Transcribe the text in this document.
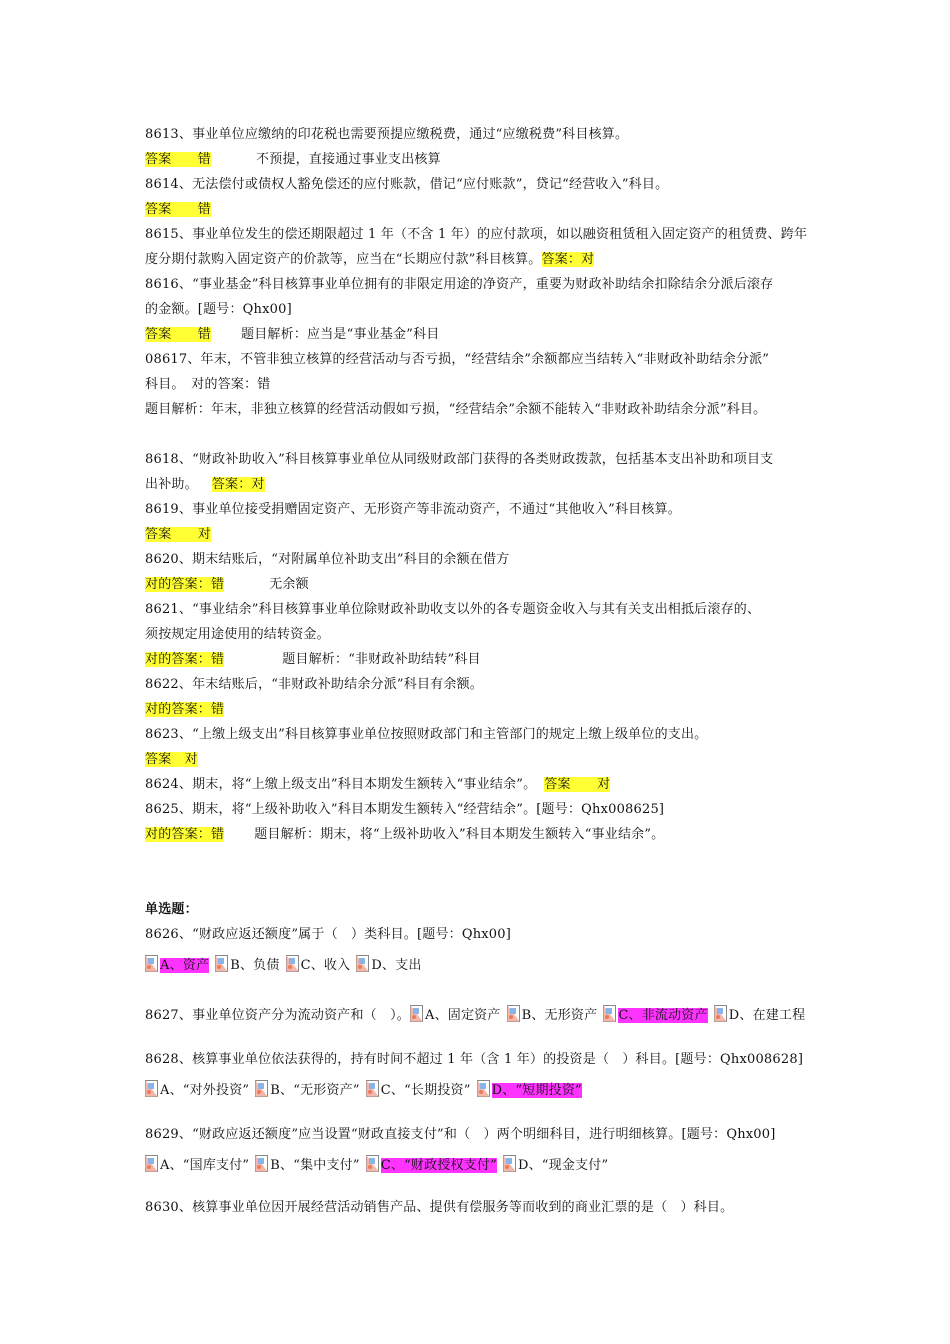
8613、事业单位应缴纳的印花税也需要预提应缴税费，通过“应缴税费”科目核算。
答案　　错	不预提，直接通过事业支出核算
8614、无法偿付或债权人豁免偿还的应付账款，借记“应付账款”，贷记“经营收入”科目。
答案　　错
8615、事业单位发生的偿还期限超过 1 年（不含 1 年）的应付款项，如以融资租赁租入固定资产的租赁费、跨年
度分期付款购入固定资产的价款等，应当在“长期应付款”科目核算。答案：对
8616、“事业基金”科目核算事业单位拥有的非限定用途的净资产，重要为财政补助结余扣除结余分派后滚存
的金额。[题号：Qhx00]
答案　　错 题目解析：应当是“事业基金”科目
08617、年末，不管非独立核算的经营活动与否亏损，“经营结余”余额都应当结转入“非财政补助结余分派”
科目。　对的答案：错
题目解析：年末，非独立核算的经营活动假如亏损，“经营结余”余额不能转入“非财政补助结余分派”科目。
8618、“财政补助收入”科目核算事业单位从同级财政部门获得的各类财政拨款，包括基本支出补助和项目支
出补助。 答案：对
8619、事业单位接受捐赠固定资产、无形资产等非流动资产，不通过“其他收入”科目核算。
答案　　对
8620、期末结账后，“对附属单位补助支出”科目的余额在借方
对的答案：错	无余额
8621、“事业结余”科目核算事业单位除财政补助收支以外的各专题资金收入与其有关支出相抵后滚存的、
须按规定用途使用的结转资金。
对的答案：错	题目解析：“非财政补助结转”科目
8622、年末结账后，“非财政补助结余分派”科目有余额。
对的答案：错
8623、“上缴上级支出”科目核算事业单位按照财政部门和主管部门的规定上缴上级单位的支出。
答案　对
8624、期末，将“上缴上级支出”科目本期发生额转入“事业结余”。 答案　　对
8625、期末，将“上级补助收入”科目本期发生额转入“经营结余”。[题号：Qhx008625]
对的答案：错 题目解析：期末，将“上级补助收入”科目本期发生额转入“事业结余”。
单选题：
8626、“财政应返还额度”属于（　）类科目。[题号：Qhx00]
A、资产 B、负债 C、收入 D、支出
8627、事业单位资产分为流动资产和（　）。 A、固定资产 B、无形资产 C、非流动资产 D、在建工程
8628、核算事业单位依法获得的，持有时间不超过 1 年（含 1 年）的投资是（　）科目。[题号：Qhx008628]
A、“对外投资” B、“无形资产” C、“长期投资” D、“短期投资”
8629、“财政应返还额度”应当设置“财政直接支付”和（　）两个明细科目，进行明细核算。[题号：Qhx00]
A、“国库支付” B、“集中支付” C、“财政授权支付” D、“现金支付”
8630、核算事业单位因开展经营活动销售产品、提供有偿服务等而收到的商业汇票的是（　）科目。
